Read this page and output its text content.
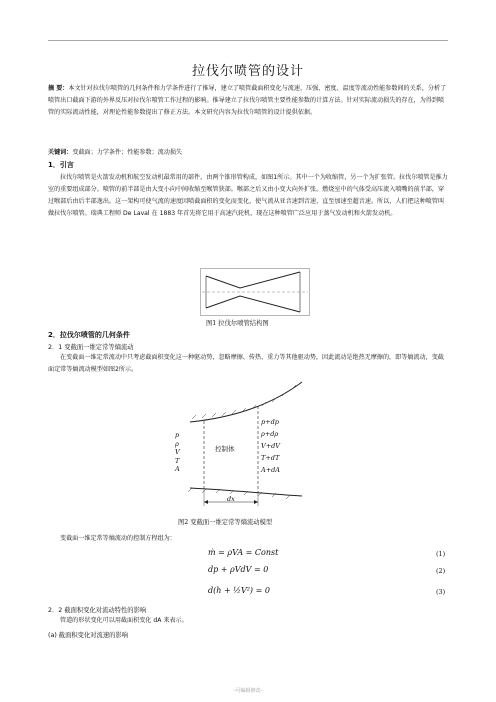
拉伐尔喷管的设计
摘 要：本文针对拉伐尔喷管的几何条件和力学条件进行了推导，建立了喷管截面积变化与流速、压强、密度、温度等流动性能参数间的关系，分析了喷管出口截面下游的外界反压对拉伐尔喷管工作过程的影响。推导建立了拉伐尔喷管主要性能参数的计算方法。针对实际流动损失的存在，为得到喷管的实际流动性能，对理论性能参数提出了修正方法。本文研究内容为拉伐尔喷管的设计提供依据。
关键词：变截面；力学条件；性能参数；流动损失
1．引言
拉伐尔喷管是火箭发动机和航空发动机最常用的部件，由两个锥形管构成，如图1所示。其中一个为收缩管，另一个为扩张管。拉伐尔喷管是推力室的重要组成部分。喷管的前半部是由大变小向中间收缩至喉管狭部。喉部之后又由小变大向外扩张。燃烧室中的气体受高压流入喷嘴的前半部，穿过喉部后由后半部逸出。这一架构可使气流的速度因喷截面积的变化而变化，使气流从亚音速到音速，直至加速至超音速。所以，人们把这种喷管叫做拉伐尔喷管。瑞典工程师 De Laval 在 1883 年首先将它用于高速汽轮机，现在这种喷管广泛应用于蒸气发动机和火箭发动机。
图1 拉伐尔喷管结构图
2．拉伐尔喷管的几何条件
2．1 变截面一维定常等熵流动
在变截面一维定常流动中只考虑截面积变化这一种驱动势，忽略摩擦、传热、重力等其他驱动势，因此流动是绝热无摩擦的，即等熵流动，变截面定常等熵流动模型如图2所示。
p
ρ
V
T
A
控制体
p+dp
ρ+dρ
V+dV
T+dT
A+dA
dx
图2 变截面一维定常等熵流动模型
变截面一维定常等熵流动的控制方程组为：
ṁ = ρVA = Const	(1)
dp + ρVdV = 0	(2)
d(h + ½V²) = 0	(3)
2．2 截面积变化对流动特性的影响
管道的形状变化可以用截面积变化 dA 来表示。
(a) 截面积变化对流速的影响
-可编辑修改-
